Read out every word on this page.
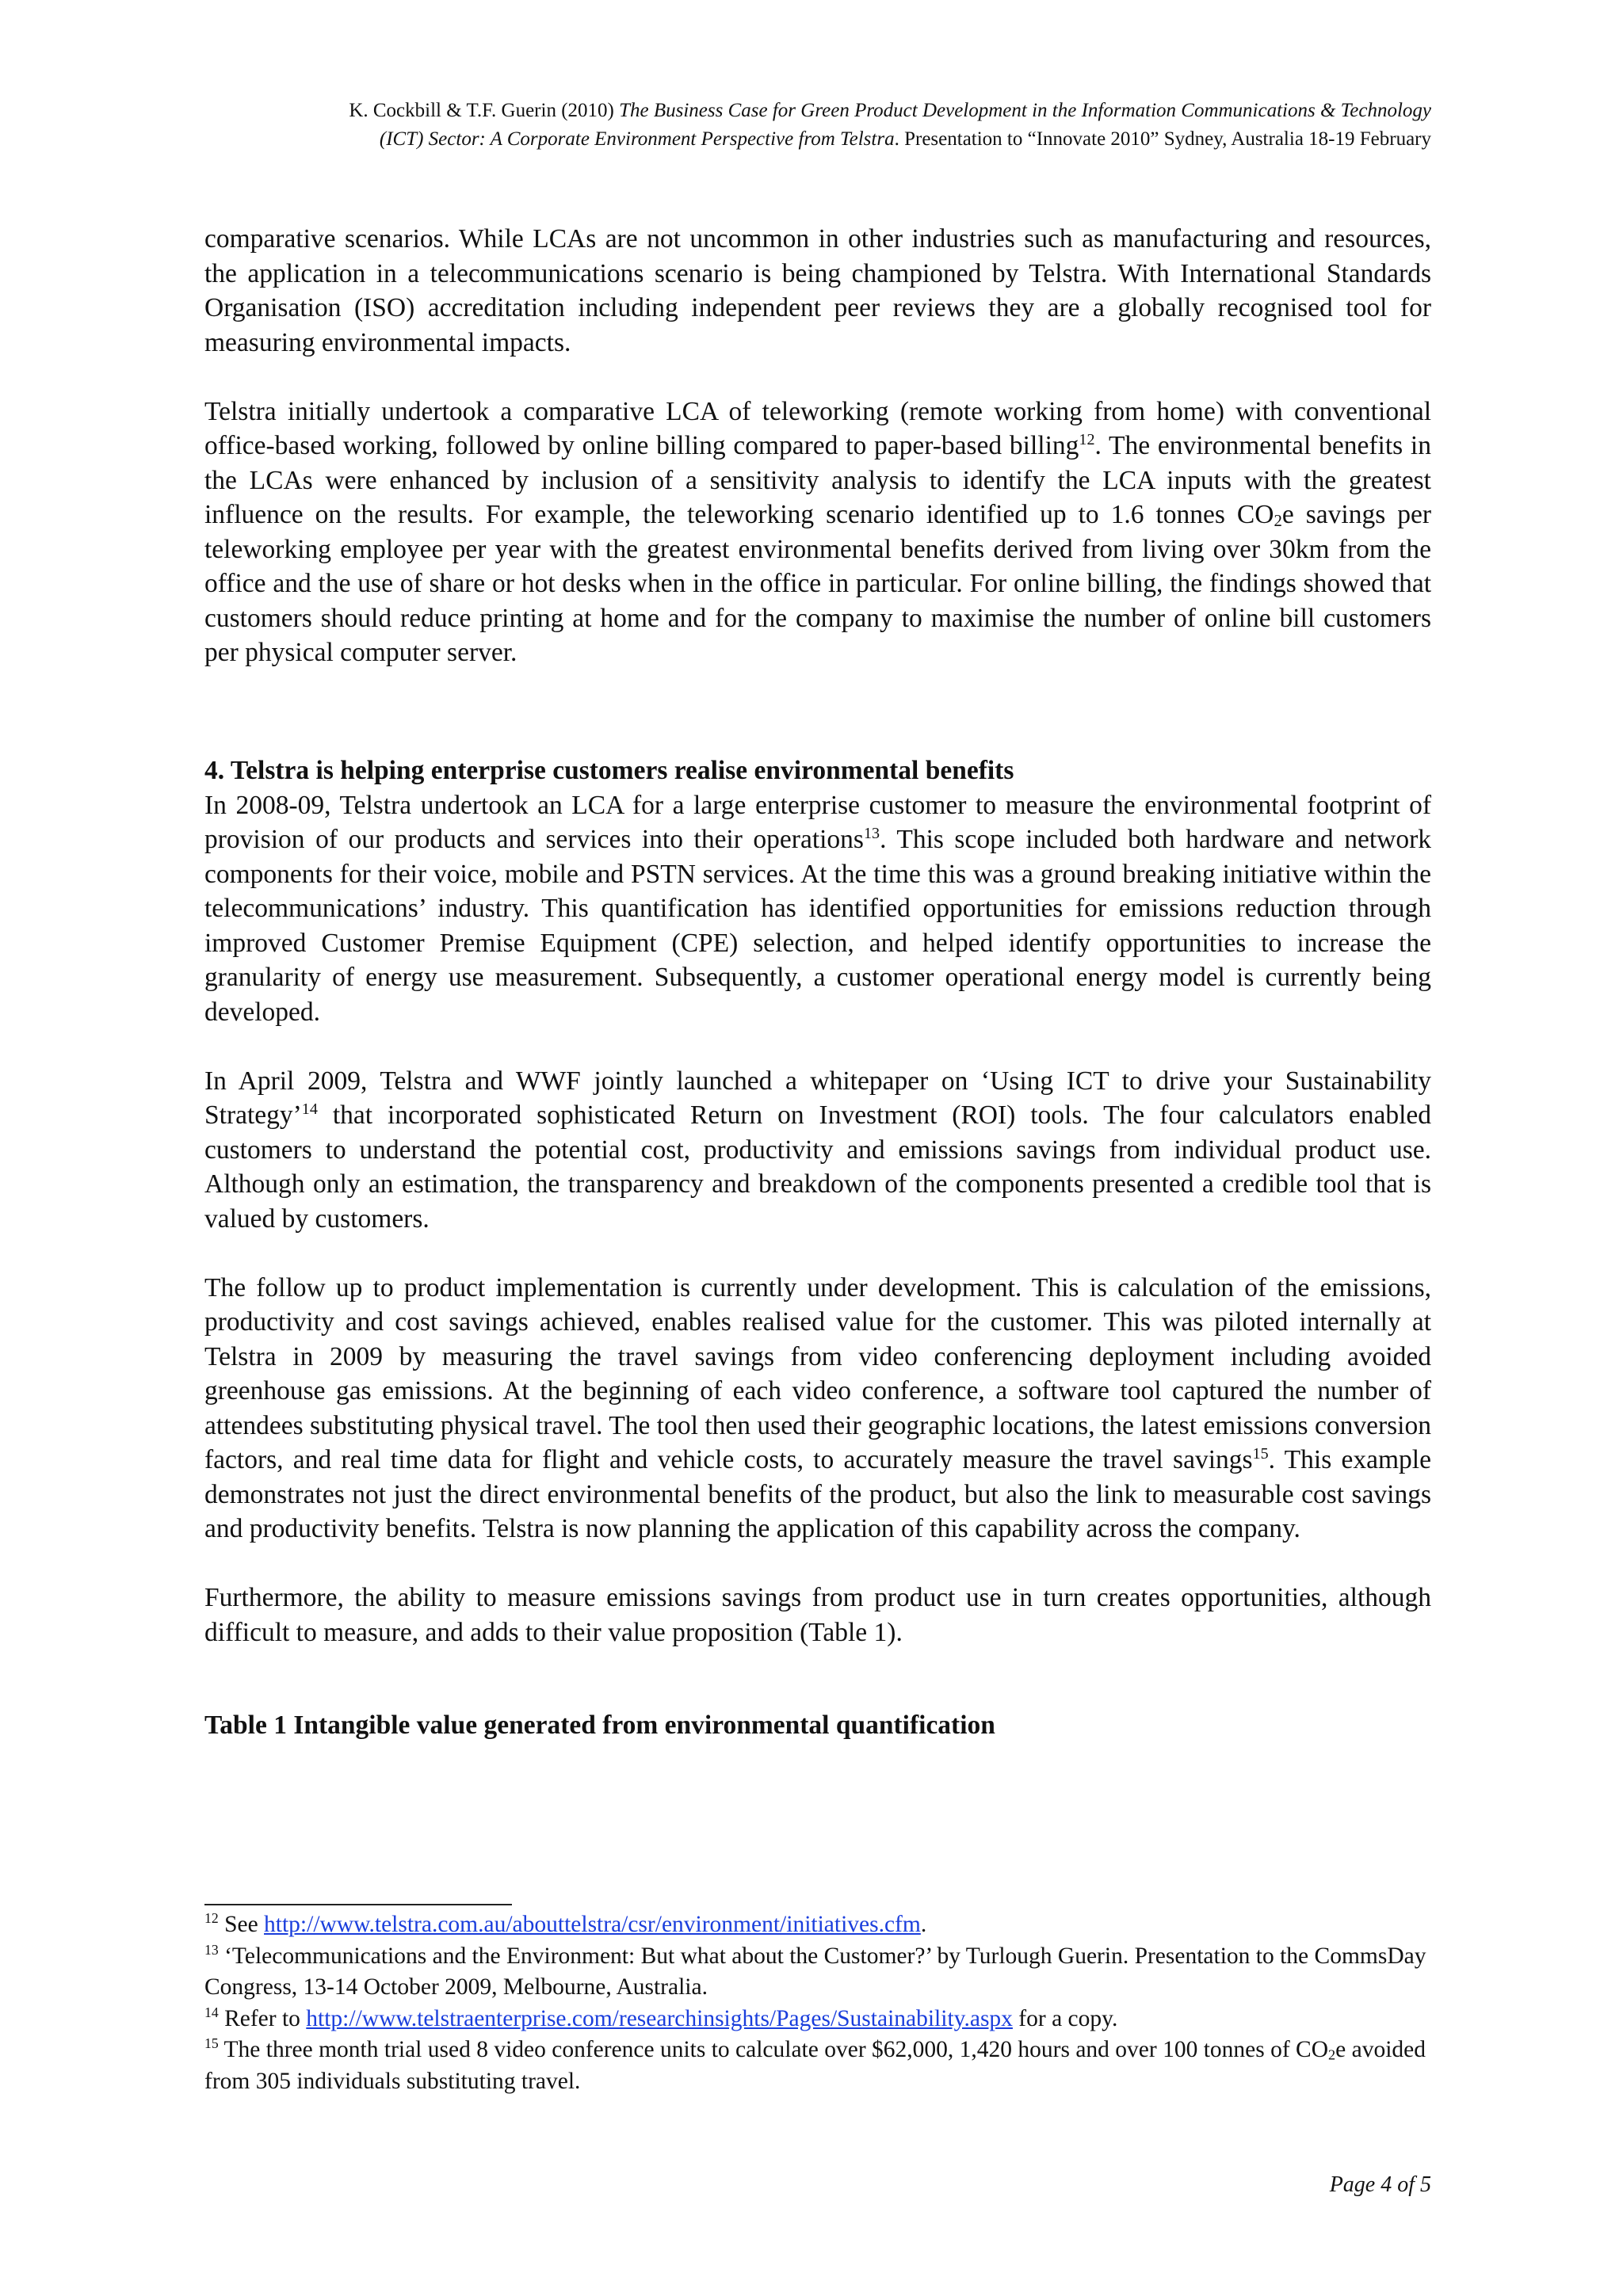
K. Cockbill & T.F. Guerin (2010) The Business Case for Green Product Development in the Information Communications & Technology
(ICT) Sector: A Corporate Environment Perspective from Telstra. Presentation to “Innovate 2010” Sydney, Australia 18-19 February

comparative scenarios. While LCAs are not uncommon in other industries such as manufacturing and resources, the application in a telecommunications scenario is being championed by Telstra. With International Standards Organisation (ISO) accreditation including independent peer reviews they are a globally recognised tool for measuring environmental impacts.

Telstra initially undertook a comparative LCA of teleworking (remote working from home) with conventional office-based working, followed by online billing compared to paper-based billing$^{12}$. The environmental benefits in the LCAs were enhanced by inclusion of a sensitivity analysis to identify the LCA inputs with the greatest influence on the results. For example, the teleworking scenario identified up to 1.6 tonnes $CO_2e$ savings per teleworking employee per year with the greatest environmental benefits derived from living over 30km from the office and the use of share or hot desks when in the office in particular. For online billing, the findings showed that customers should reduce printing at home and for the company to maximise the number of online bill customers per physical computer server.

4. Telstra is helping enterprise customers realise environmental benefits

In 2008-09, Telstra undertook an LCA for a large enterprise customer to measure the environmental footprint of provision of our products and services into their operations$^{13}$. This scope included both hardware and network components for their voice, mobile and PSTN services. At the time this was a ground breaking initiative within the telecommunications’ industry. This quantification has identified opportunities for emissions reduction through improved Customer Premise Equipment (CPE) selection, and helped identify opportunities to increase the granularity of energy use measurement. Subsequently, a customer operational energy model is currently being developed.

In April 2009, Telstra and WWF jointly launched a whitepaper on ‘Using ICT to drive your Sustainability Strategy’$^{14}$ that incorporated sophisticated Return on Investment (ROI) tools. The four calculators enabled customers to understand the potential cost, productivity and emissions savings from individual product use. Although only an estimation, the transparency and breakdown of the components presented a credible tool that is valued by customers.

The follow up to product implementation is currently under development. This is calculation of the emissions, productivity and cost savings achieved, enables realised value for the customer. This was piloted internally at Telstra in 2009 by measuring the travel savings from video conferencing deployment including avoided greenhouse gas emissions. At the beginning of each video conference, a software tool captured the number of attendees substituting physical travel. The tool then used their geographic locations, the latest emissions conversion factors, and real time data for flight and vehicle costs, to accurately measure the travel savings$^{15}$. This example demonstrates not just the direct environmental benefits of the product, but also the link to measurable cost savings and productivity benefits. Telstra is now planning the application of this capability across the company.

Furthermore, the ability to measure emissions savings from product use in turn creates opportunities, although difficult to measure, and adds to their value proposition (Table 1).

Table 1 Intangible value generated from environmental quantification

$^{12}$ See http://www.telstra.com.au/abouttelstra/csr/environment/initiatives.cfm.

$^{13}$ ‘Telecommunications and the Environment: But what about the Customer?’ by Turlough Guerin. Presentation to the CommsDay Congress, 13-14 October 2009, Melbourne, Australia.

$^{14}$ Refer to http://www.telstraenterprise.com/researchinsights/Pages/Sustainability.aspx for a copy.

$^{15}$ The three month trial used 8 video conference units to calculate over $62,000, 1,420 hours and over 100 tonnes of $CO_2e$ avoided from 305 individuals substituting travel.

Page 4 of 5
